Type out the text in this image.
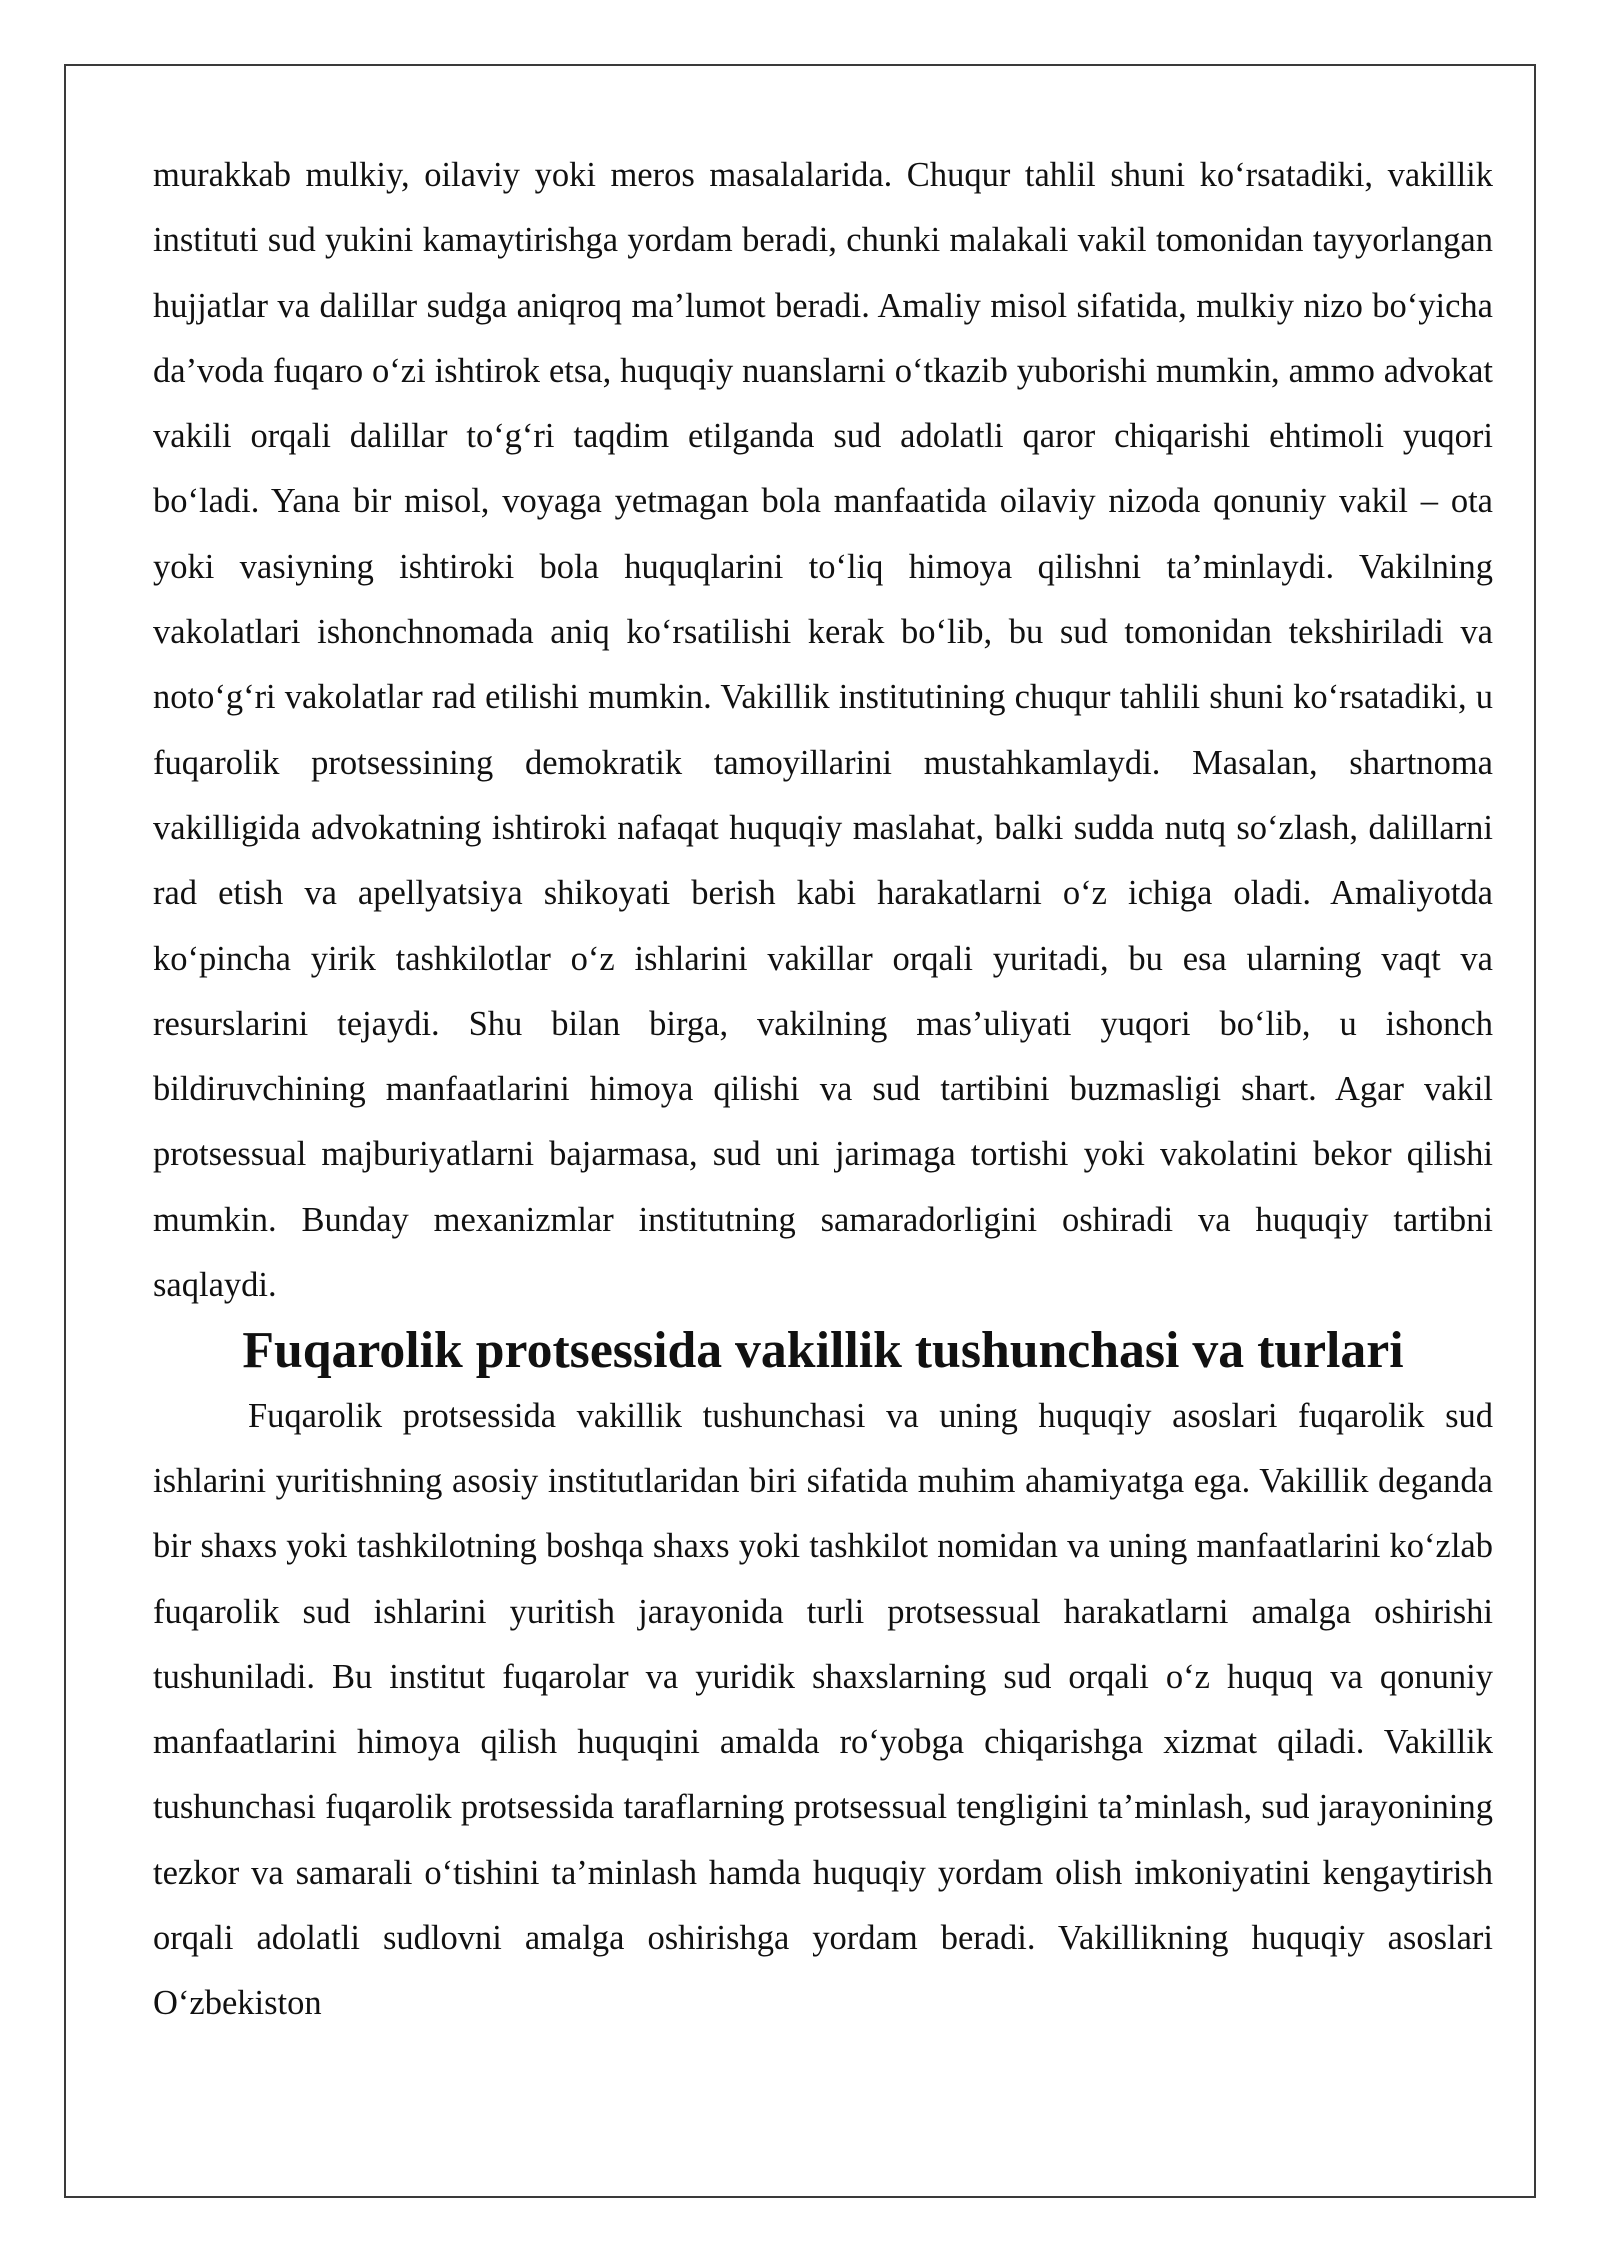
murakkab mulkiy, oilaviy yoki meros masalalarida. Chuqur tahlil shuni ko‘rsatadiki, vakillik instituti sud yukini kamaytirishga yordam beradi, chunki malakali vakil tomonidan tayyorlangan hujjatlar va dalillar sudga aniqroq ma’lumot beradi. Amaliy misol sifatida, mulkiy nizo bo‘yicha da’voda fuqaro o‘zi ishtirok etsa, huquqiy nuanslarni o‘tkazib yuborishi mumkin, ammo advokat vakili orqali dalillar to‘g‘ri taqdim etilganda sud adolatli qaror chiqarishi ehtimoli yuqori bo‘ladi. Yana bir misol, voyaga yetmagan bola manfaatida oilaviy nizoda qonuniy vakil – ota yoki vasiyning ishtiroki bola huquqlarini to‘liq himoya qilishni ta’minlaydi. Vakilning vakolatlari ishonchnomada aniq ko‘rsatilishi kerak bo‘lib, bu sud tomonidan tekshiriladi va noto‘g‘ri vakolatlar rad etilishi mumkin. Vakillik institutining chuqur tahlili shuni ko‘rsatadiki, u fuqarolik protsessining demokratik tamoyillarini mustahkamlaydi. Masalan, shartnoma vakilligida advokatning ishtiroki nafaqat huquqiy maslahat, balki sudda nutq so‘zlash, dalillarni rad etish va apellyatsiya shikoyati berish kabi harakatlarni o‘z ichiga oladi. Amaliyotda ko‘pincha yirik tashkilotlar o‘z ishlarini vakillar orqali yuritadi, bu esa ularning vaqt va resurslarini tejaydi. Shu bilan birga, vakilning mas’uliyati yuqori bo‘lib, u ishonch bildiruvchining manfaatlarini himoya qilishi va sud tartibini buzmasligi shart. Agar vakil protsessual majburiyatlarni bajarmasa, sud uni jarimaga tortishi yoki vakolatini bekor qilishi mumkin. Bunday mexanizmlar institutning samaradorligini oshiradi va huquqiy tartibni saqlaydi.

Fuqarolik protsessida vakillik tushunchasi va turlari

Fuqarolik protsessida vakillik tushunchasi va uning huquqiy asoslari fuqarolik sud ishlarini yuritishning asosiy institutlaridan biri sifatida muhim ahamiyatga ega. Vakillik deganda bir shaxs yoki tashkilotning boshqa shaxs yoki tashkilot nomidan va uning manfaatlarini ko‘zlab fuqarolik sud ishlarini yuritish jarayonida turli protsessual harakatlarni amalga oshirishi tushuniladi. Bu institut fuqarolar va yuridik shaxslarning sud orqali o‘z huquq va qonuniy manfaatlarini himoya qilish huquqini amalda ro‘yobga chiqarishga xizmat qiladi. Vakillik tushunchasi fuqarolik protsessida taraflarning protsessual tengligini ta’minlash, sud jarayonining tezkor va samarali o‘tishini ta’minlash hamda huquqiy yordam olish imkoniyatini kengaytirish orqali adolatli sudlovni amalga oshirishga yordam beradi. Vakillikning huquqiy asoslari O‘zbekiston
